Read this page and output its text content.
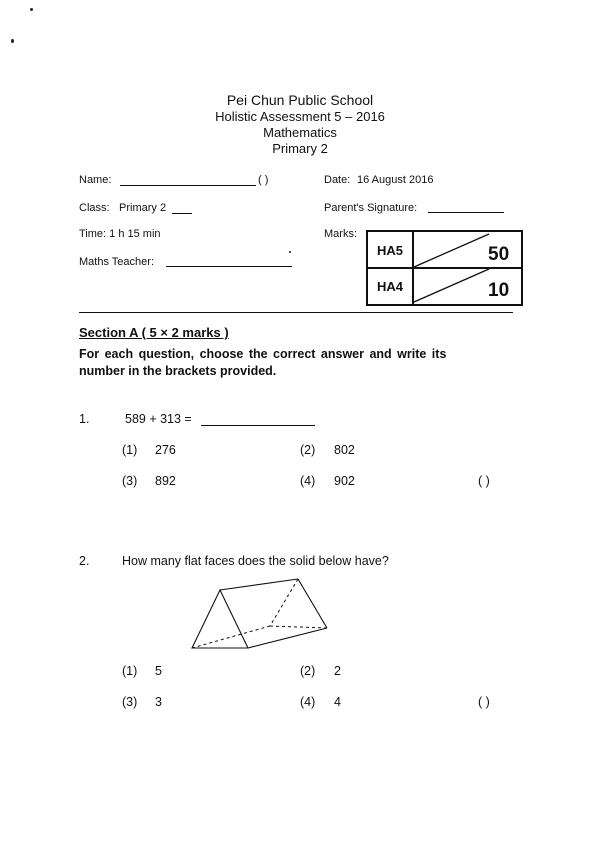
Pei Chun Public School
Holistic Assessment 5 – 2016
Mathematics
Primary 2
Name:	( )	Date: 16 August 2016
Class: Primary 2	Parent's Signature:
Time: 1 h 15 min	Marks:
Maths Teacher:
HA5	50
HA4	10
Section A ( 5 × 2 marks )
For each question, choose the correct answer and write its
number in the brackets provided.
1.	589 + 313 =
(1) 276	(2) 802
(3) 892	(4) 902	( )
2.	How many flat faces does the solid below have?
(1) 5	(2) 2
(3) 3	(4) 4	( )
